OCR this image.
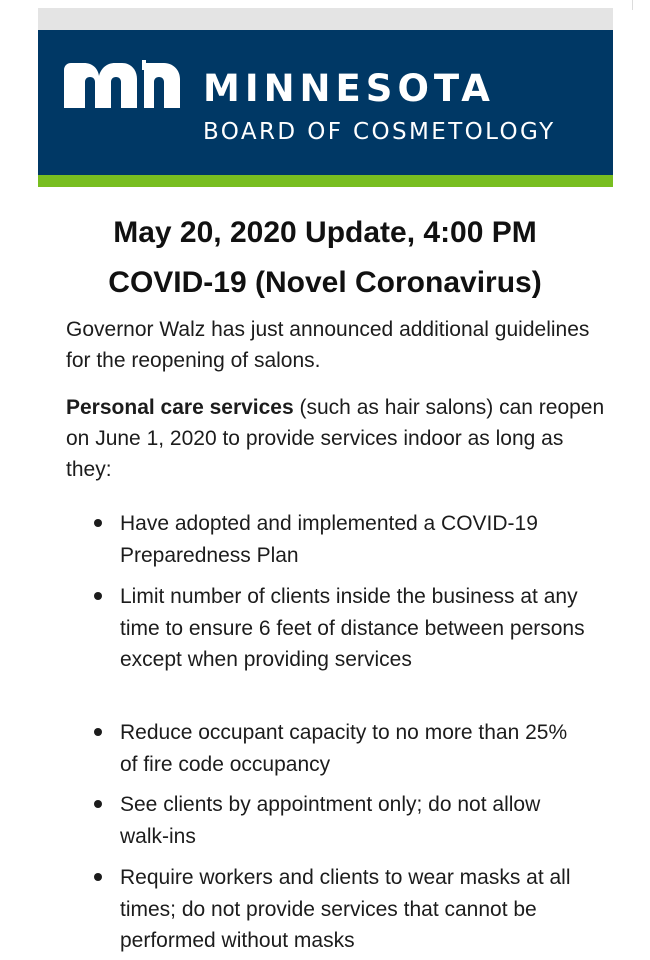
MINNESOTA
BOARD OF COSMETOLOGY
May 20, 2020 Update, 4:00 PM
COVID-19 (Novel Coronavirus)

Governor Walz has just announced additional guidelines for the reopening of salons.

Personal care services (such as hair salons) can reopen on June 1, 2020 to provide services indoor as long as they:

Have adopted and implemented a COVID-19 Preparedness Plan
Limit number of clients inside the business at any time to ensure 6 feet of distance between persons except when providing services
Reduce occupant capacity to no more than 25% of fire code occupancy
See clients by appointment only; do not allow walk-ins
Require workers and clients to wear masks at all times; do not provide services that cannot be performed without masks
